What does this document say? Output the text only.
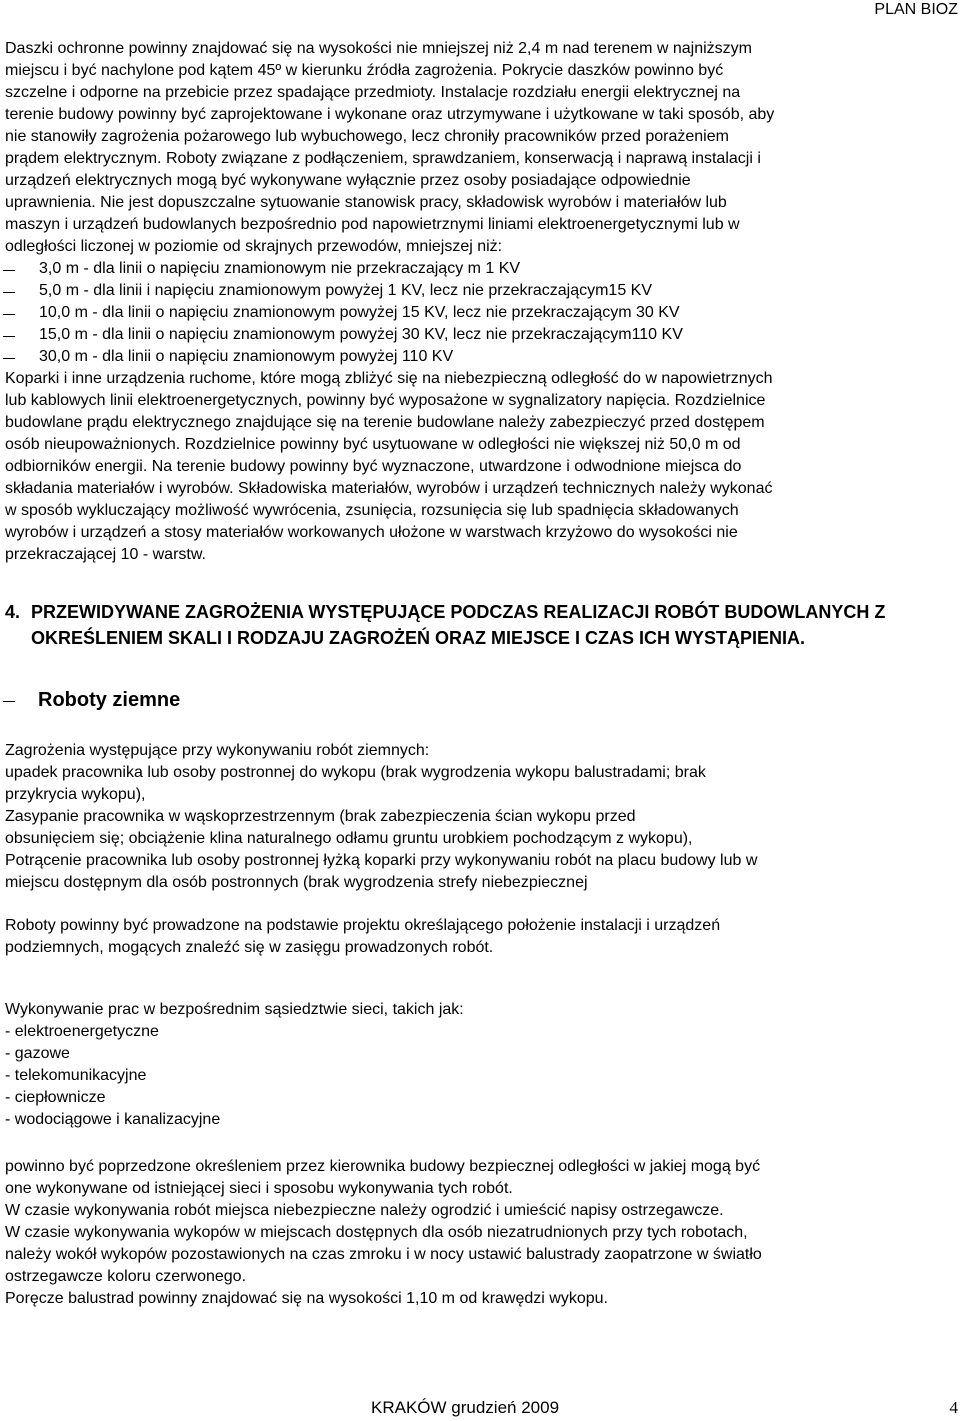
PLAN BIOZ
Daszki ochronne powinny znajdować się na wysokości nie mniejszej niż 2,4 m nad terenem w najniższym
miejscu i być nachylone pod kątem 45º w kierunku źródła zagrożenia. Pokrycie daszków powinno być
szczelne i odporne na przebicie przez spadające przedmioty. Instalacje rozdziału energii elektrycznej na
terenie budowy powinny być zaprojektowane i wykonane oraz utrzymywane i użytkowane w taki sposób, aby
nie stanowiły zagrożenia pożarowego lub wybuchowego, lecz chroniły pracowników przed porażeniem
prądem elektrycznym. Roboty związane z podłączeniem, sprawdzaniem, konserwacją i naprawą instalacji i
urządzeń elektrycznych mogą być wykonywane wyłącznie przez osoby posiadające odpowiednie
uprawnienia. Nie jest dopuszczalne sytuowanie stanowisk pracy, składowisk wyrobów i materiałów lub
maszyn i urządzeń budowlanych bezpośrednio pod napowietrznymi liniami elektroenergetycznymi lub w
odległości liczonej w poziomie od skrajnych przewodów, mniejszej niż:
3,0 m - dla linii o napięciu znamionowym nie przekraczający m 1 KV
5,0 m - dla linii i napięciu znamionowym powyżej 1 KV, lecz nie przekraczającym15 KV
10,0 m - dla linii o napięciu znamionowym powyżej 15 KV, lecz nie przekraczającym 30 KV
15,0 m - dla linii o napięciu znamionowym powyżej 30 KV, lecz nie przekraczającym110 KV
30,0 m - dla linii o napięciu znamionowym powyżej 110 KV
Koparki i inne urządzenia ruchome, które mogą zbliżyć się na niebezpieczną odległość do w napowietrznych
lub kablowych linii elektroenergetycznych, powinny być wyposażone w sygnalizatory napięcia. Rozdzielnice
budowlane prądu elektrycznego znajdujące się na terenie budowlane należy zabezpieczyć przed dostępem
osób nieupoważnionych. Rozdzielnice powinny być usytuowane w odległości nie większej niż 50,0 m od
odbiorników energii. Na terenie budowy powinny być wyznaczone, utwardzone i odwodnione miejsca do
składania materiałów i wyrobów. Składowiska materiałów, wyrobów i urządzeń technicznych należy wykonać
w sposób wykluczający możliwość wywrócenia, zsunięcia, rozsunięcia się lub spadnięcia składowanych
wyrobów i urządzeń a stosy materiałów workowanych ułożone w warstwach krzyżowo do wysokości nie
przekraczającej 10 - warstw.
4. PRZEWIDYWANE ZAGROŻENIA WYSTĘPUJĄCE PODCZAS REALIZACJI ROBÓT BUDOWLANYCH Z OKREŚLENIEM SKALI I RODZAJU ZAGROŻEŃ ORAZ MIEJSCE I CZAS ICH WYSTĄPIENIA.
Roboty ziemne
Zagrożenia występujące przy wykonywaniu robót ziemnych:
upadek pracownika lub osoby postronnej do wykopu (brak wygrodzenia wykopu balustradami; brak
przykrycia wykopu),
Zasypanie pracownika w wąskoprzestrzennym (brak zabezpieczenia ścian wykopu przed
obsunięciem się; obciążenie klina naturalnego odłamu gruntu urobkiem pochodzącym z wykopu),
Potrącenie pracownika lub osoby postronnej łyżką koparki przy wykonywaniu robót na placu budowy lub w
miejscu dostępnym dla osób postronnych (brak wygrodzenia strefy niebezpiecznej
Roboty powinny być prowadzone na podstawie projektu określającego położenie instalacji i urządzeń
podziemnych, mogących znaleźć się w zasięgu prowadzonych robót.
Wykonywanie prac w bezpośrednim sąsiedztwie sieci, takich jak:
- elektroenergetyczne
- gazowe
- telekomunikacyjne
- ciepłownicze
- wodociągowe i kanalizacyjne
powinno być poprzedzone określeniem przez kierownika budowy bezpiecznej odległości w jakiej mogą być
one wykonywane od istniejącej sieci i sposobu wykonywania tych robót.
W czasie wykonywania robót miejsca niebezpieczne należy ogrodzić i umieścić napisy ostrzegawcze.
W czasie wykonywania wykopów w miejscach dostępnych dla osób niezatrudnionych przy tych robotach,
należy wokół wykopów pozostawionych na czas zmroku i w nocy ustawić balustrady zaopatrzone w światło
ostrzegawcze koloru czerwonego.
Poręcze balustrad powinny znajdować się na wysokości 1,10 m od krawędzi wykopu.
KRAKÓW grudzień 2009	4
